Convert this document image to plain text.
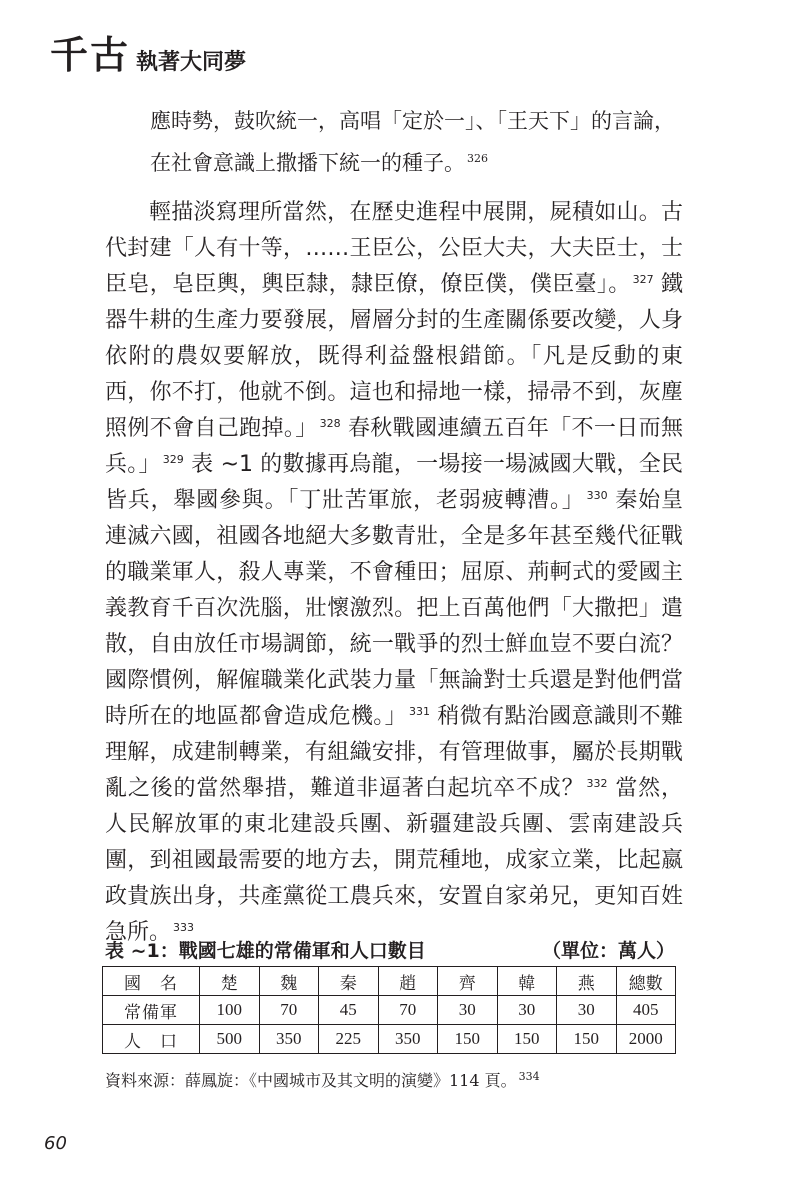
千古 執著大同夢

應時勢，鼓吹統一，高唱「定於一」、「王天下」的言論，在社會意識上撒播下統一的種子。 $^{326}$

輕描淡寫理所當然，在歷史進程中展開，屍積如山。古代封建「人有十等，……王臣公，公臣大夫，大夫臣士，士臣皂，皂臣輿，輿臣隸，隸臣僚，僚臣僕，僕臣臺」。 $^{327}$ 鐵器牛耕的生產力要發展，層層分封的生產關係要改變，人身依附的農奴要解放，既得利益盤根錯節。「凡是反動的東西，你不打，他就不倒。這也和掃地一樣，掃帚不到，灰塵照例不會自己跑掉。」 $^{328}$ 春秋戰國連續五百年「不一日而無兵。」 $^{329}$ 表 ~1 的數據再烏龍，一場接一場滅國大戰，全民皆兵，舉國參與。「丁壯苦軍旅，老弱疲轉漕。」 $^{330}$ 秦始皇連滅六國，祖國各地絕大多數青壯，全是多年甚至幾代征戰的職業軍人，殺人專業，不會種田；屈原、荊軻式的愛國主義教育千百次洗腦，壯懷激烈。把上百萬他們「大撒把」遣散，自由放任市場調節，統一戰爭的烈士鮮血豈不要白流？國際慣例，解僱職業化武裝力量「無論對士兵還是對他們當時所在的地區都會造成危機。」 $^{331}$ 稍微有點治國意識則不難理解，成建制轉業，有組織安排，有管理做事，屬於長期戰亂之後的當然舉措，難道非逼著白起坑卒不成？ $^{332}$ 當然，人民解放軍的東北建設兵團、新疆建設兵團、雲南建設兵團，到祖國最需要的地方去，開荒種地，成家立業，比起嬴政貴族出身，共產黨從工農兵來，安置自家弟兄，更知百姓急所。 $^{333}$

表 ~1：戰國七雄的常備軍和人口數目	（單位：萬人）
國　名	楚	魏	秦	趙	齊	韓	燕	總數
常備軍	100	70	45	70	30	30	30	405
人　口	500	350	225	350	150	150	150	2000
資料來源：薛鳳旋：《中國城市及其文明的演變》114 頁。 $^{334}$
60
